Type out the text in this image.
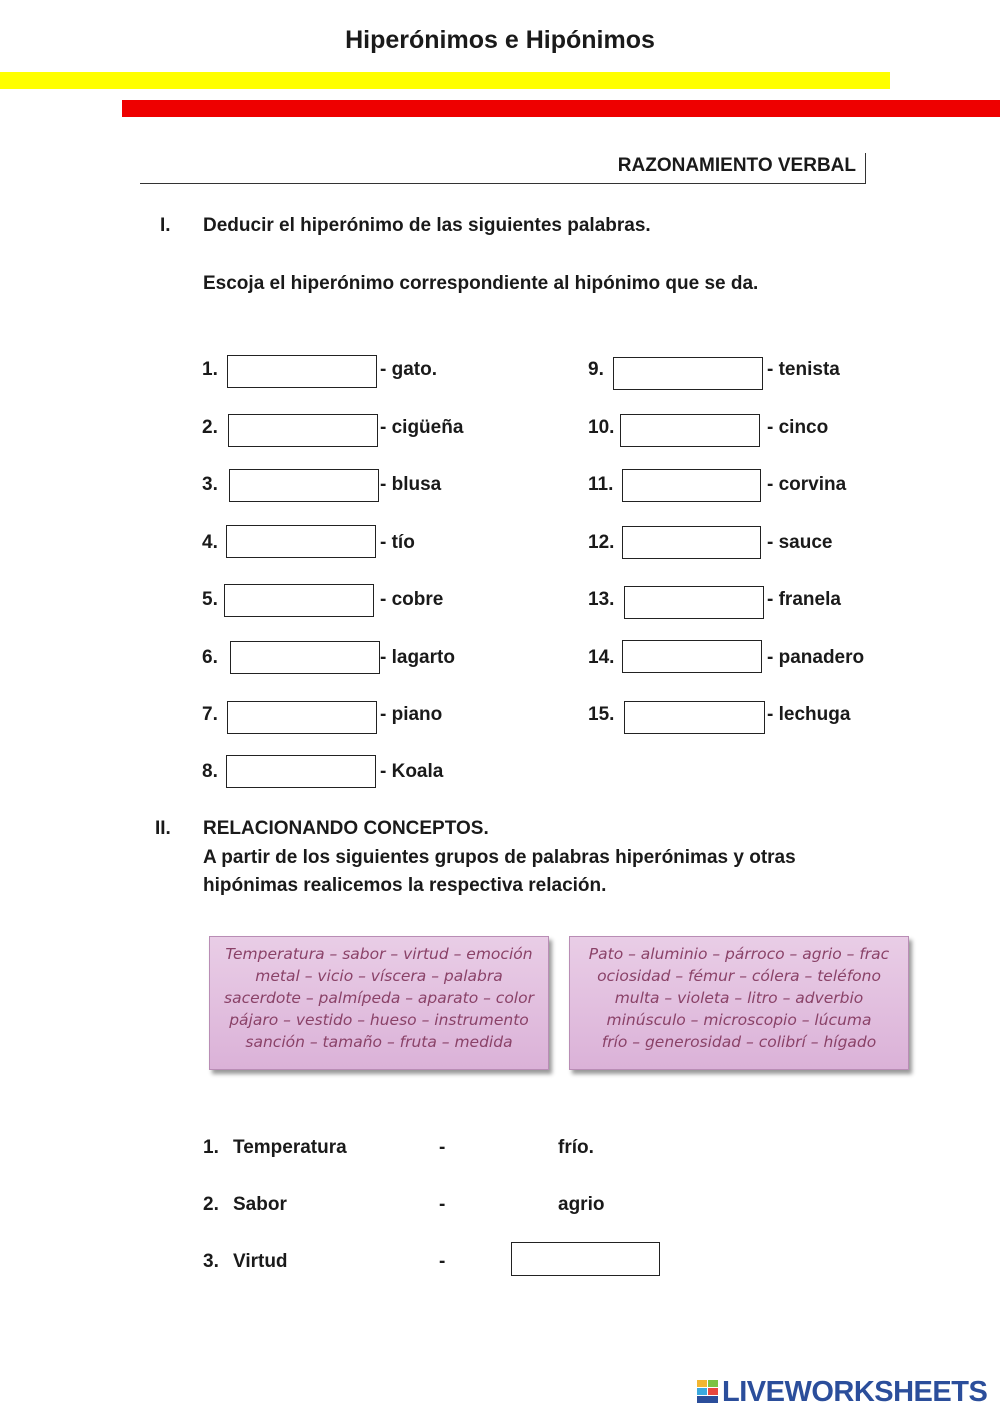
Hiperónimos e Hipónimos
RAZONAMIENTO VERBAL
I. Deducir el hiperónimo de las siguientes palabras.
Escoja el hiperónimo correspondiente al hipónimo que se da.
1.	- gato.
2.	- cigüeña
3.	- blusa
4.	- tío
5.	- cobre
6.	- lagarto
7.	- piano
8.	- Koala
9.	- tenista
10.	- cinco
11.	- corvina
12.	- sauce
13.	- franela
14.	- panadero
15.	- lechuga
II. RELACIONANDO CONCEPTOS.
A partir de los siguientes grupos de palabras hiperónimas y otras
hipónimas realicemos la respectiva relación.
Temperatura – sabor – virtud – emoción
metal – vicio – víscera – palabra
sacerdote – palmípeda – aparato – color
pájaro – vestido – hueso – instrumento
sanción – tamaño – fruta – medida
Pato – aluminio – párroco – agrio – frac
ociosidad – fémur – cólera – teléfono
multa – violeta – litro – adverbio
minúsculo – microscopio – lúcuma
frío – generosidad – colibrí – hígado
1. Temperatura	-	frío.
2. Sabor	-	agrio
3. Virtud	-
LIVEWORKSHEETS
